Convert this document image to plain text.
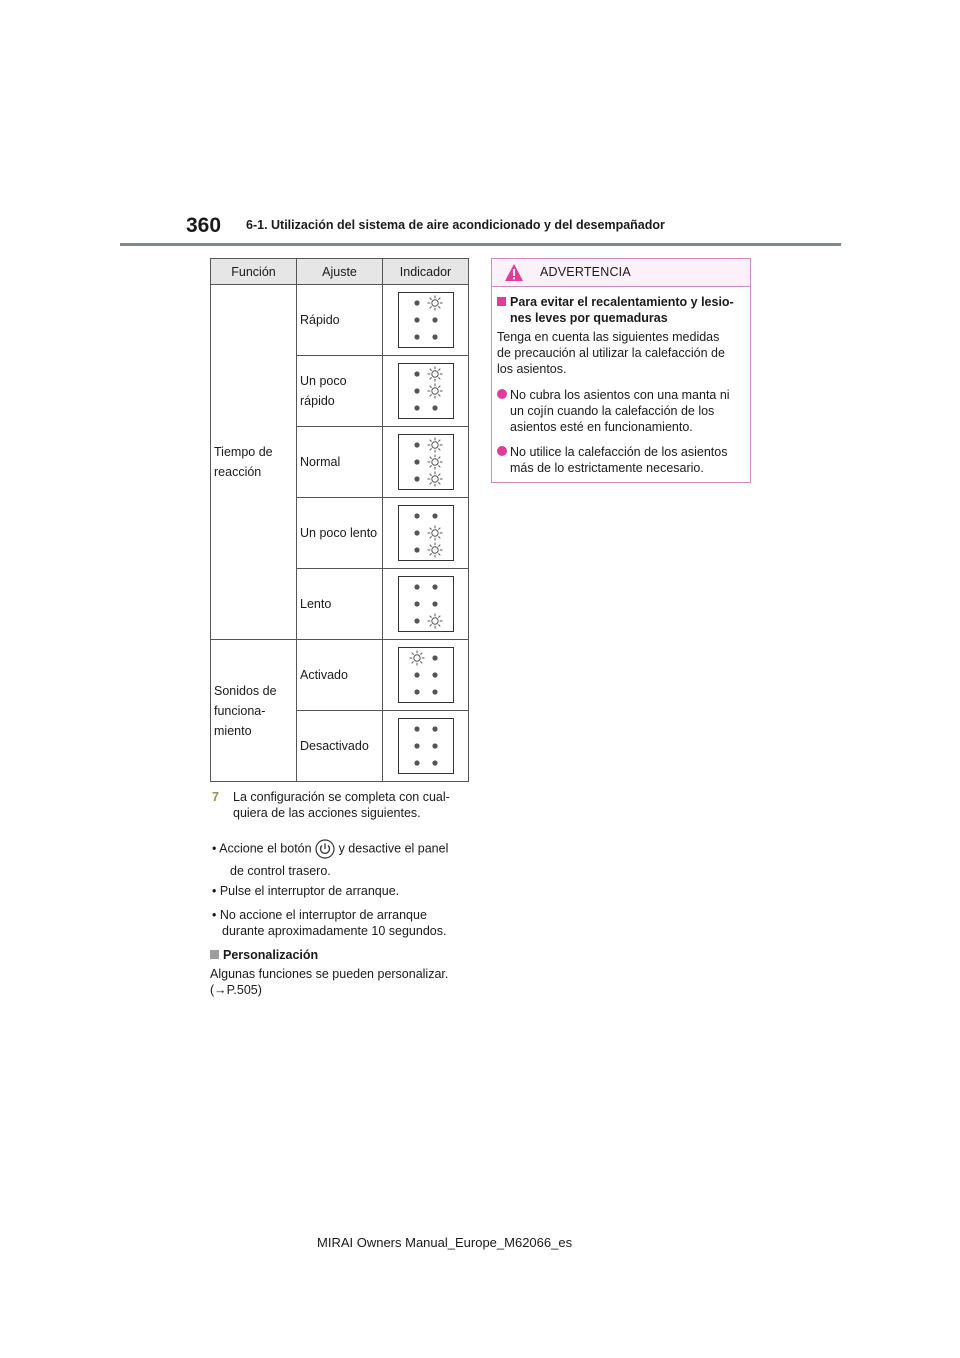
360 6-1. Utilización del sistema de aire acondicionado y del desempañador
Función	Ajuste	Indicador

Tiempo de
reacción	Rápido

	Un poco
rápido

	Normal

	Un poco lento

	Lento

Sonidos de
funciona-
miento	Activado

	Desactivado

7 La configuración se completa con cual-
quiera de las acciones siguientes.
• Accione el botón y desactive el panel
de control trasero.
• Pulse el interruptor de arranque.
• No accione el interruptor de arranque
durante aproximadamente 10 segundos.
Personalización
Algunas funciones se pueden personalizar.
(→P.505)
ADVERTENCIA
Para evitar el recalentamiento y lesio-
nes leves por quemaduras
Tenga en cuenta las siguientes medidas
de precaución al utilizar la calefacción de
los asientos.
No cubra los asientos con una manta ni
un cojín cuando la calefacción de los
asientos esté en funcionamiento.
No utilice la calefacción de los asientos
más de lo estrictamente necesario.
MIRAI Owners Manual_Europe_M62066_es
